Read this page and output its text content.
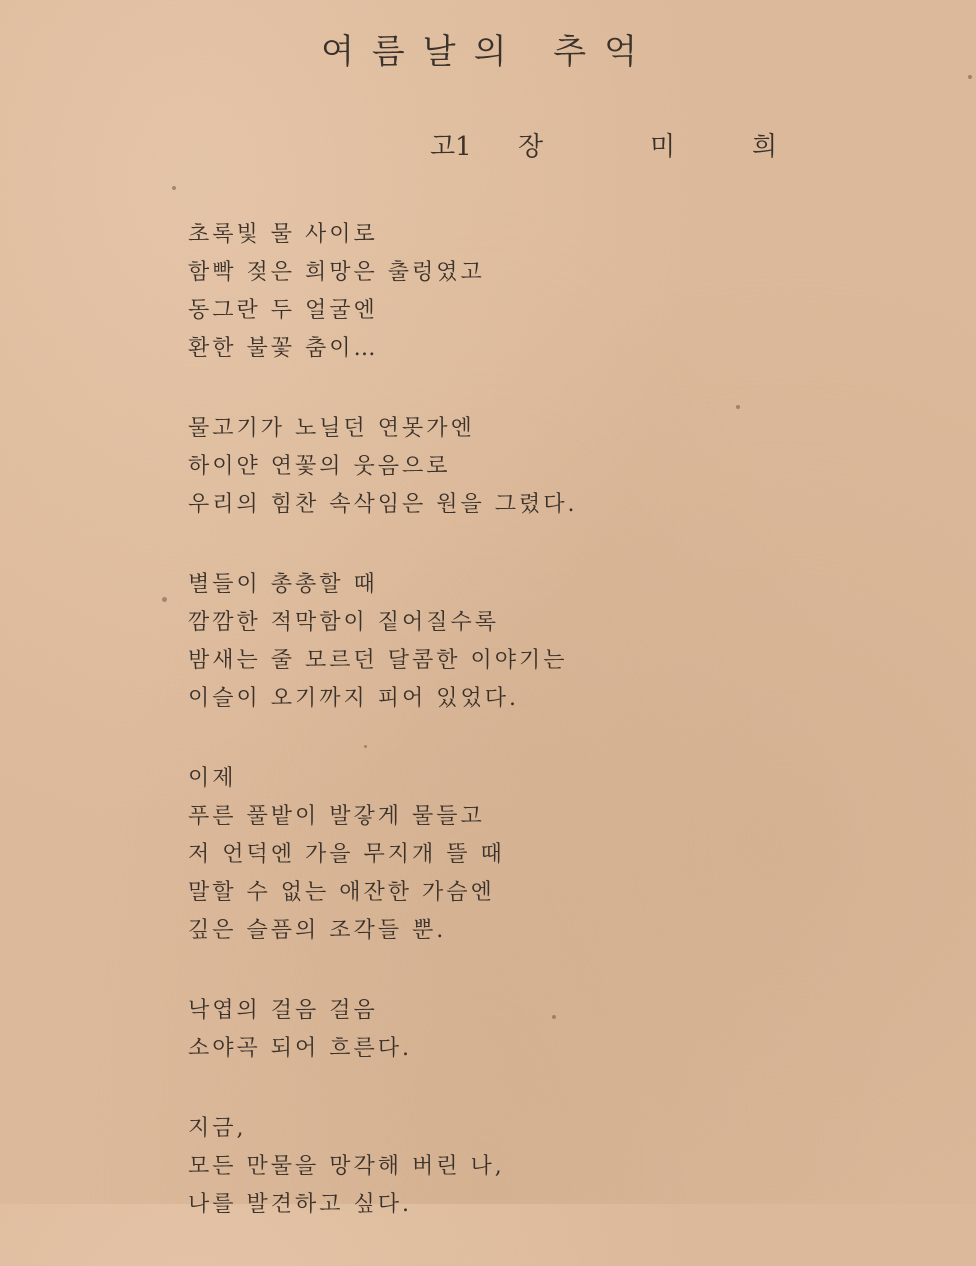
여름날의 추억
고1 장	미	희
초록빛 물 사이로
함빡 젖은 희망은 출렁였고
동그란 두 얼굴엔
환한 불꽃 춤이…
물고기가 노닐던 연못가엔
하이얀 연꽃의 웃음으로
우리의 힘찬 속삭임은 원을 그렸다.
별들이 총총할 때
깜깜한 적막함이 짙어질수록
밤새는 줄 모르던 달콤한 이야기는
이슬이 오기까지 피어 있었다.
이제
푸른 풀밭이 발갛게 물들고
저 언덕엔 가을 무지개 뜰 때
말할 수 없는 애잔한 가슴엔
깊은 슬픔의 조각들 뿐.
낙엽의 걸음 걸음
소야곡 되어 흐른다.
지금,
모든 만물을 망각해 버린 나,
나를 발견하고 싶다.
